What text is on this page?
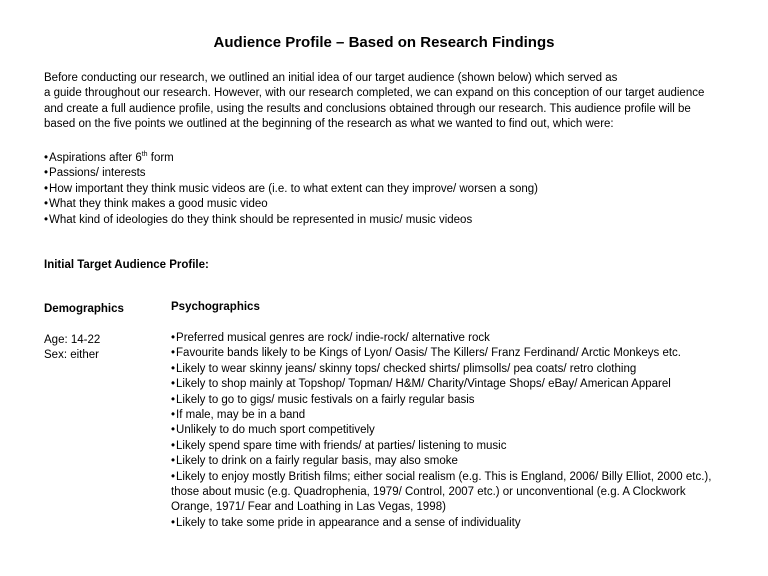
Audience Profile – Based on Research Findings

Before conducting our research, we outlined an initial idea of our target audience (shown below) which served as

a guide throughout our research. However, with our research completed, we can expand on this conception of our target audience

and create a full audience profile, using the results and conclusions obtained through our research. This audience profile will be

based on the five points we outlined at the beginning of the research as what we wanted to find out, which were:

•Aspirations after 6th form
•Passions/ interests
•How important they think music videos are (i.e. to what extent can they improve/ worsen a song)
•What they think makes a good music video
•What kind of ideologies do they think should be represented in music/ music videos
Initial Target Audience Profile:
Demographics
Age: 14-22
Sex: either
Psychographics
•Preferred musical genres are rock/ indie-rock/ alternative rock
•Favourite bands likely to be Kings of Lyon/ Oasis/ The Killers/ Franz Ferdinand/ Arctic Monkeys etc.
•Likely to wear skinny jeans/ skinny tops/ checked shirts/ plimsolls/ pea coats/ retro clothing
•Likely to shop mainly at Topshop/ Topman/ H&M/ Charity/Vintage Shops/ eBay/ American Apparel
•Likely to go to gigs/ music festivals on a fairly regular basis
•If male, may be in a band
•Unlikely to do much sport competitively
•Likely spend spare time with friends/ at parties/ listening to music
•Likely to drink on a fairly regular basis, may also smoke
•Likely to enjoy mostly British films; either social realism (e.g. This is England, 2006/ Billy Elliot, 2000 etc.),
those about music (e.g. Quadrophenia, 1979/ Control, 2007 etc.) or unconventional (e.g. A Clockwork
Orange, 1971/ Fear and Loathing in Las Vegas, 1998)
•Likely to take some pride in appearance and a sense of individuality
